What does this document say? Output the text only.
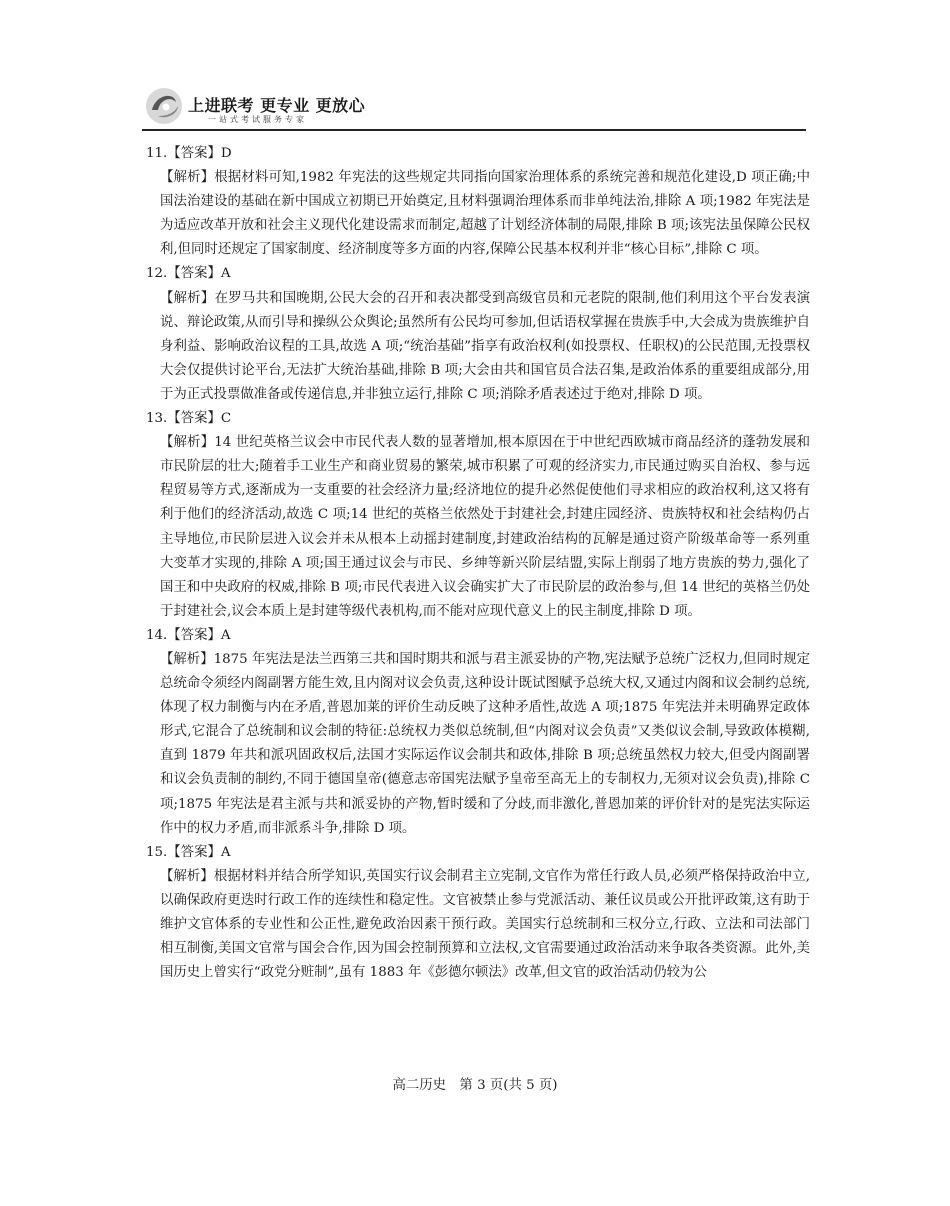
上进联考 更专业 更放心
一站式考试服务专家
11.【答案】D
【解析】根据材料可知,1982 年宪法的这些规定共同指向国家治理体系的系统完善和规范化建设,D 项正确;中国法治建设的基础在新中国成立初期已开始奠定,且材料强调治理体系而非单纯法治,排除 A 项;1982 年宪法是为适应改革开放和社会主义现代化建设需求而制定,超越了计划经济体制的局限,排除 B 项;该宪法虽保障公民权利,但同时还规定了国家制度、经济制度等多方面的内容,保障公民基本权利并非“核心目标”,排除 C 项。
12.【答案】A
【解析】在罗马共和国晚期,公民大会的召开和表决都受到高级官员和元老院的限制,他们利用这个平台发表演说、辩论政策,从而引导和操纵公众舆论;虽然所有公民均可参加,但话语权掌握在贵族手中,大会成为贵族维护自身利益、影响政治议程的工具,故选 A 项;“统治基础”指享有政治权利(如投票权、任职权)的公民范围,无投票权大会仅提供讨论平台,无法扩大统治基础,排除 B 项;大会由共和国官员合法召集,是政治体系的重要组成部分,用于为正式投票做准备或传递信息,并非独立运行,排除 C 项;消除矛盾表述过于绝对,排除 D 项。
13.【答案】C
【解析】14 世纪英格兰议会中市民代表人数的显著增加,根本原因在于中世纪西欧城市商品经济的蓬勃发展和市民阶层的壮大;随着手工业生产和商业贸易的繁荣,城市积累了可观的经济实力,市民通过购买自治权、参与远程贸易等方式,逐渐成为一支重要的社会经济力量;经济地位的提升必然促使他们寻求相应的政治权利,这又将有利于他们的经济活动,故选 C 项;14 世纪的英格兰依然处于封建社会,封建庄园经济、贵族特权和社会结构仍占主导地位,市民阶层进入议会并未从根本上动摇封建制度,封建政治结构的瓦解是通过资产阶级革命等一系列重大变革才实现的,排除 A 项;国王通过议会与市民、乡绅等新兴阶层结盟,实际上削弱了地方贵族的势力,强化了国王和中央政府的权威,排除 B 项;市民代表进入议会确实扩大了市民阶层的政治参与,但 14 世纪的英格兰仍处于封建社会,议会本质上是封建等级代表机构,而不能对应现代意义上的民主制度,排除 D 项。
14.【答案】A
【解析】1875 年宪法是法兰西第三共和国时期共和派与君主派妥协的产物,宪法赋予总统广泛权力,但同时规定总统命令须经内阁副署方能生效,且内阁对议会负责,这种设计既试图赋予总统大权,又通过内阁和议会制约总统,体现了权力制衡与内在矛盾,普恩加莱的评价生动反映了这种矛盾性,故选 A 项;1875 年宪法并未明确界定政体形式,它混合了总统制和议会制的特征:总统权力类似总统制,但“内阁对议会负责”又类似议会制,导致政体模糊,直到 1879 年共和派巩固政权后,法国才实际运作议会制共和政体,排除 B 项;总统虽然权力较大,但受内阁副署和议会负责制的制约,不同于德国皇帝(德意志帝国宪法赋予皇帝至高无上的专制权力,无须对议会负责),排除 C 项;1875 年宪法是君主派与共和派妥协的产物,暂时缓和了分歧,而非激化,普恩加莱的评价针对的是宪法实际运作中的权力矛盾,而非派系斗争,排除 D 项。
15.【答案】A
【解析】根据材料并结合所学知识,英国实行议会制君主立宪制,文官作为常任行政人员,必须严格保持政治中立,以确保政府更迭时行政工作的连续性和稳定性。文官被禁止参与党派活动、兼任议员或公开批评政策,这有助于维护文官体系的专业性和公正性,避免政治因素干预行政。美国实行总统制和三权分立,行政、立法和司法部门相互制衡,美国文官常与国会合作,因为国会控制预算和立法权,文官需要通过政治活动来争取各类资源。此外,美国历史上曾实行“政党分赃制”,虽有 1883 年《彭德尔顿法》改革,但文官的政治活动仍较为公
高二历史　第 3 页(共 5 页)
